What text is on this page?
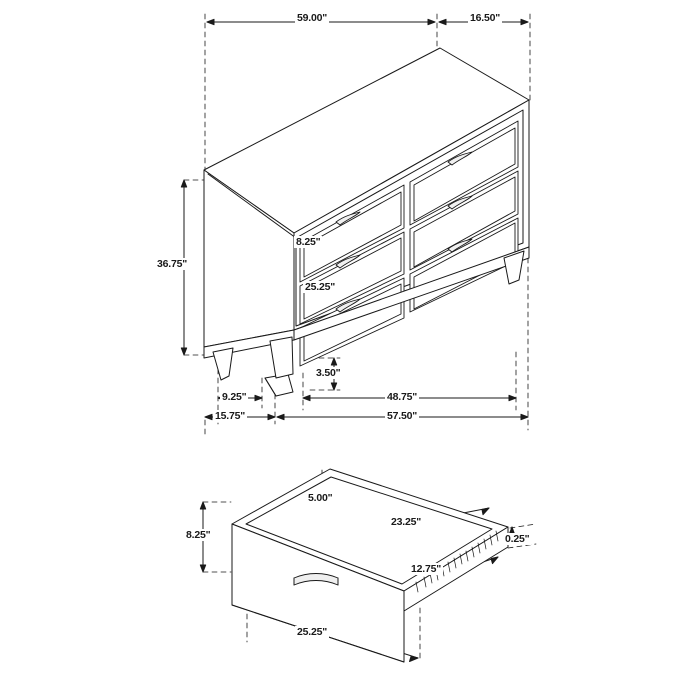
59.00"	16.50"
36.75"
8.25"
25.25"
3.50"
9.25"
15.75"
48.75"
57.50"
5.00"
23.25"
8.25"	0.25"
12.75"
25.25"
